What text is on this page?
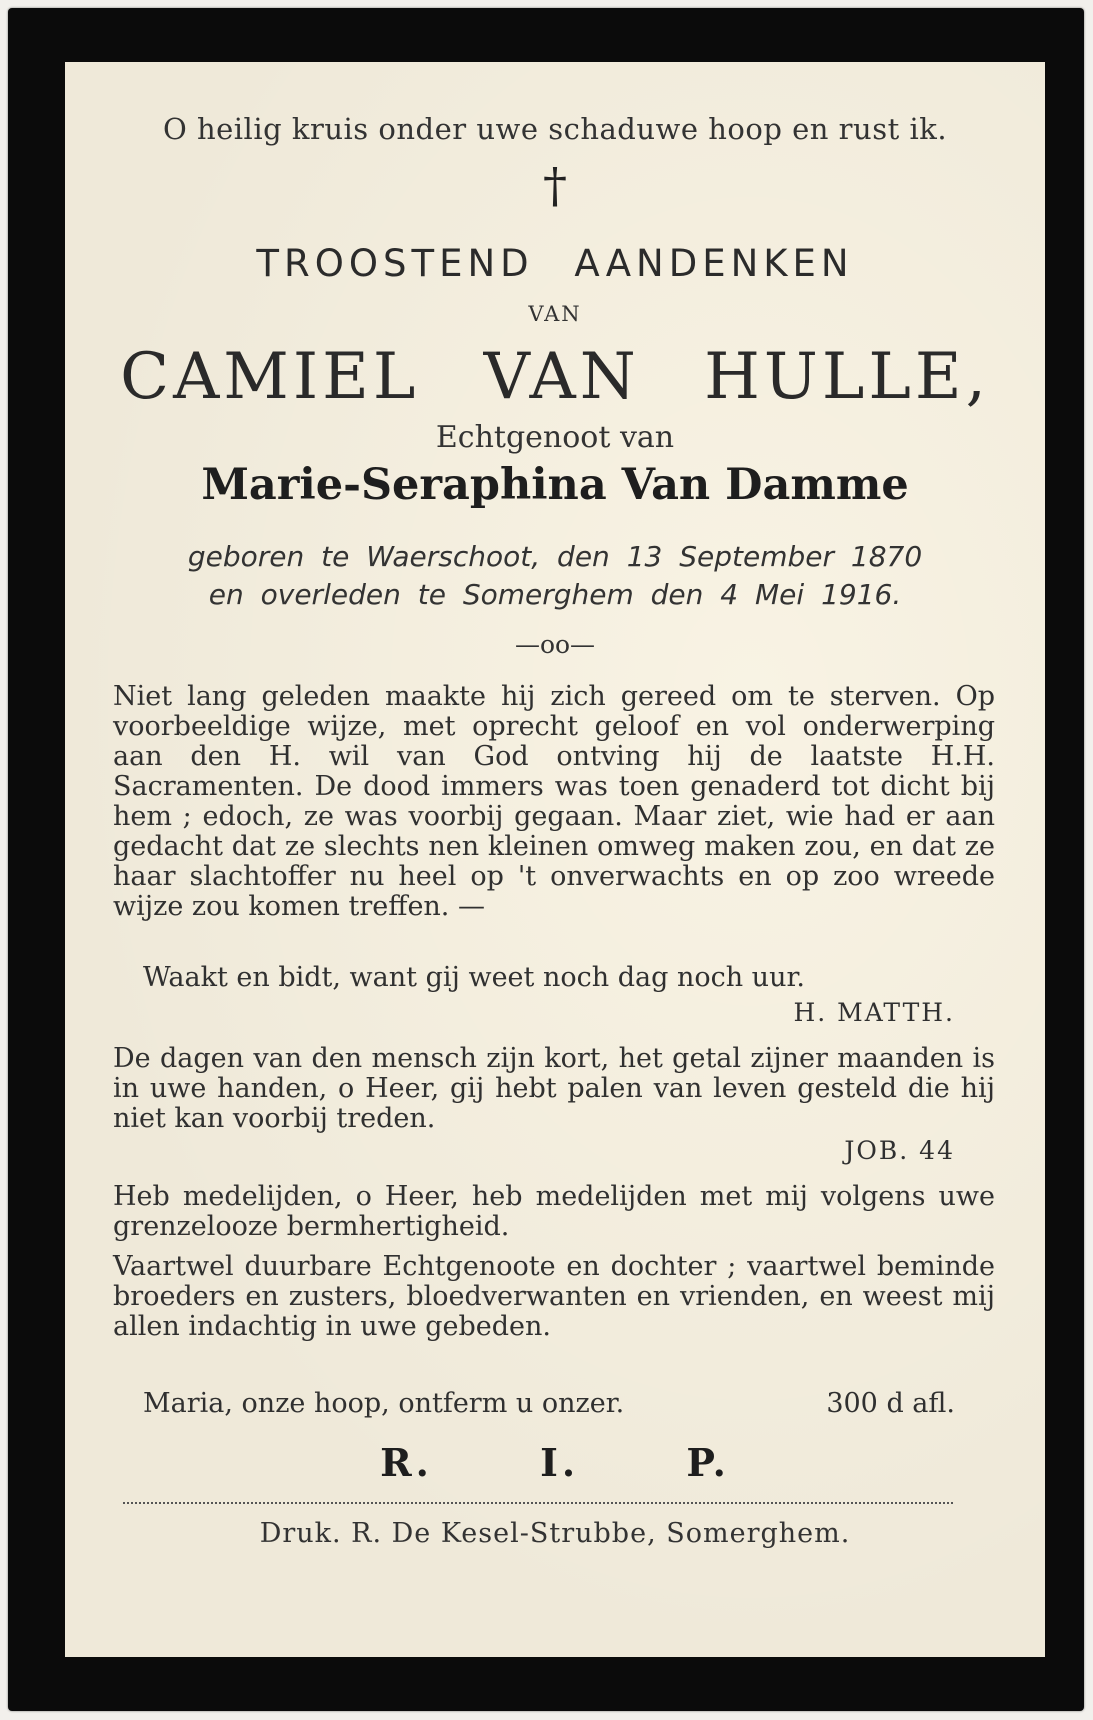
O heilig kruis onder uwe schaduwe hoop en rust ik.
†
TROOSTEND AANDENKEN
VAN
CAMIEL VAN HULLE,
Echtgenoot van
Marie-Seraphina Van Damme
geboren te Waerschoot, den 13 September 1870
en overleden te Somerghem den 4 Mei 1916.
—oo—
Niet lang geleden maakte hij zich gereed om te sterven. Op voorbeeldige wijze, met oprecht geloof en vol onderwerping aan den H. wil van God ontving hij de laatste H.H. Sacramenten. De dood immers was toen genaderd tot dicht bij hem ; edoch, ze was voorbij gegaan. Maar ziet, wie had er aan gedacht dat ze slechts nen kleinen omweg maken zou, en dat ze haar slachtoffer nu heel op 't onverwachts en op zoo wreede wijze zou komen treffen. —
Waakt en bidt, want gij weet noch dag noch uur.
H. MATTH.
De dagen van den mensch zijn kort, het getal zijner maanden is in uwe handen, o Heer, gij hebt palen van leven gesteld die hij niet kan voorbij treden.
JOB. 44
Heb medelijden, o Heer, heb medelijden met mij volgens uwe grenzelooze bermhertigheid.
Vaartwel duurbare Echtgenoote en dochter ; vaartwel beminde broeders en zusters, bloedverwanten en vrienden, en weest mij allen indachtig in uwe gebeden.
Maria, onze hoop, ontferm u onzer.	300 d afl.
R. I. P.
Druk. R. De Kesel-Strubbe, Somerghem.
